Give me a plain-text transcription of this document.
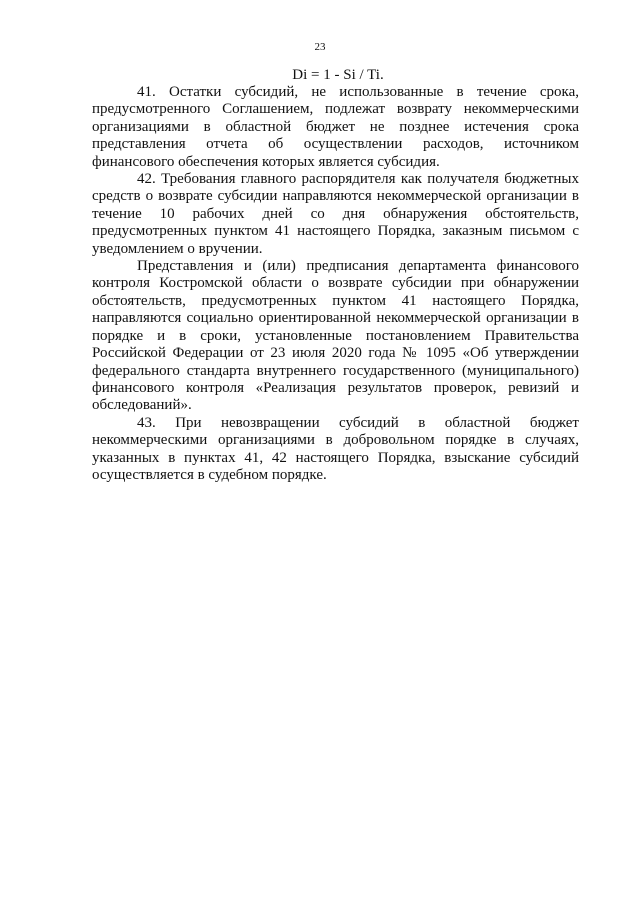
23
Di = 1 - Si / Ti.

41. Остатки субсидий, не использованные в течение срока, предусмотренного Соглашением, подлежат возврату некоммерческими организациями в областной бюджет не позднее истечения срока представления отчета об осуществлении расходов, источником финансового обеспечения которых является субсидия.

42. Требования главного распорядителя как получателя бюджетных средств о возврате субсидии направляются некоммерческой организации в течение 10 рабочих дней со дня обнаружения обстоятельств, предусмотренных пунктом 41 настоящего Порядка, заказным письмом с уведомлением о вручении.

Представления и (или) предписания департамента финансового контроля Костромской области о возврате субсидии при обнаружении обстоятельств, предусмотренных пунктом 41 настоящего Порядка, направляются социально ориентированной некоммерческой организации в порядке и в сроки, установленные постановлением Правительства Российской Федерации от 23 июля 2020 года № 1095 «Об утверждении федерального стандарта внутреннего государственного (муниципального) финансового контроля «Реализация результатов проверок, ревизий и обследований».

43. При невозвращении субсидий в областной бюджет некоммерческими организациями в добровольном порядке в случаях, указанных в пунктах 41, 42 настоящего Порядка, взыскание субсидий осуществляется в судебном порядке.
